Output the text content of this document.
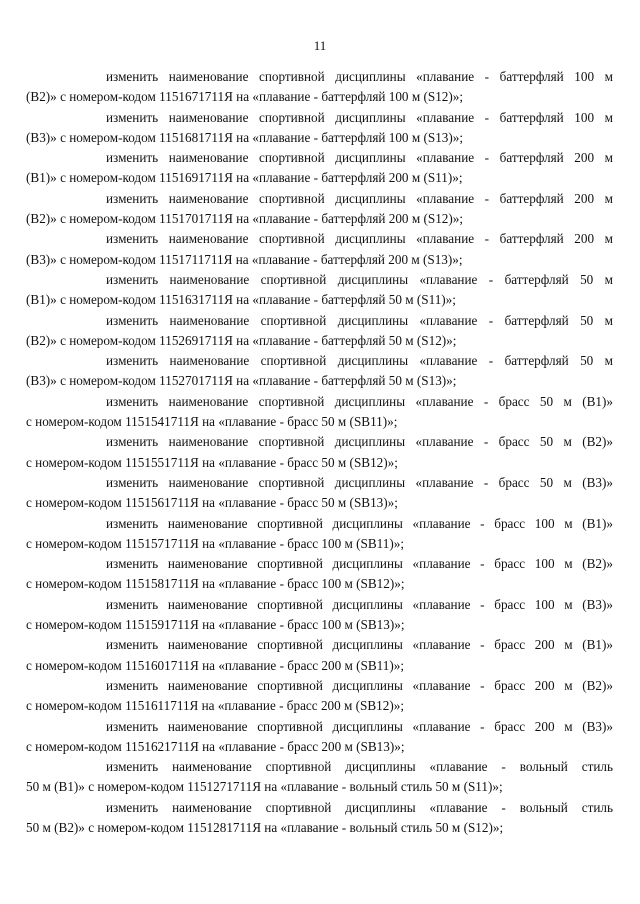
11

изменить наименование спортивной дисциплины «плавание - баттерфляй 100 м
(В2)» с номером-кодом 1151671711Я на «плавание - баттерфляй 100 м (S12)»;

изменить наименование спортивной дисциплины «плавание - баттерфляй 100 м
(В3)» с номером-кодом 1151681711Я на «плавание - баттерфляй 100 м (S13)»;

изменить наименование спортивной дисциплины «плавание - баттерфляй 200 м
(В1)» с номером-кодом 1151691711Я на «плавание - баттерфляй 200 м (S11)»;

изменить наименование спортивной дисциплины «плавание - баттерфляй 200 м
(В2)» с номером-кодом 1151701711Я на «плавание - баттерфляй 200 м (S12)»;

изменить наименование спортивной дисциплины «плавание - баттерфляй 200 м
(В3)» с номером-кодом 1151711711Я на «плавание - баттерфляй 200 м (S13)»;

изменить наименование спортивной дисциплины «плавание - баттерфляй 50 м
(В1)» с номером-кодом 1151631711Я на «плавание - баттерфляй 50 м (S11)»;

изменить наименование спортивной дисциплины «плавание - баттерфляй 50 м
(В2)» с номером-кодом 1152691711Я на «плавание - баттерфляй 50 м (S12)»;

изменить наименование спортивной дисциплины «плавание - баттерфляй 50 м
(В3)» с номером-кодом 1152701711Я на «плавание - баттерфляй 50 м (S13)»;

изменить наименование спортивной дисциплины «плавание - брасс 50 м (В1)»
с номером-кодом 1151541711Я на «плавание - брасс 50 м (SB11)»;

изменить наименование спортивной дисциплины «плавание - брасс 50 м (В2)»
с номером-кодом 1151551711Я на «плавание - брасс 50 м (SB12)»;

изменить наименование спортивной дисциплины «плавание - брасс 50 м (В3)»
с номером-кодом 1151561711Я на «плавание - брасс 50 м (SB13)»;

изменить наименование спортивной дисциплины «плавание - брасс 100 м (В1)»
с номером-кодом 1151571711Я на «плавание - брасс 100 м (SB11)»;

изменить наименование спортивной дисциплины «плавание - брасс 100 м (В2)»
с номером-кодом 1151581711Я на «плавание - брасс 100 м (SB12)»;

изменить наименование спортивной дисциплины «плавание - брасс 100 м (В3)»
с номером-кодом 1151591711Я на «плавание - брасс 100 м (SB13)»;

изменить наименование спортивной дисциплины «плавание - брасс 200 м (В1)»
с номером-кодом 1151601711Я на «плавание - брасс 200 м (SB11)»;

изменить наименование спортивной дисциплины «плавание - брасс 200 м (В2)»
с номером-кодом 1151611711Я на «плавание - брасс 200 м (SB12)»;

изменить наименование спортивной дисциплины «плавание - брасс 200 м (В3)»
с номером-кодом 1151621711Я на «плавание - брасс 200 м (SB13)»;

изменить наименование спортивной дисциплины «плавание - вольный стиль
50 м (В1)» с номером-кодом 1151271711Я на «плавание - вольный стиль 50 м (S11)»;

изменить наименование спортивной дисциплины «плавание - вольный стиль
50 м (В2)» с номером-кодом 1151281711Я на «плавание - вольный стиль 50 м (S12)»;
